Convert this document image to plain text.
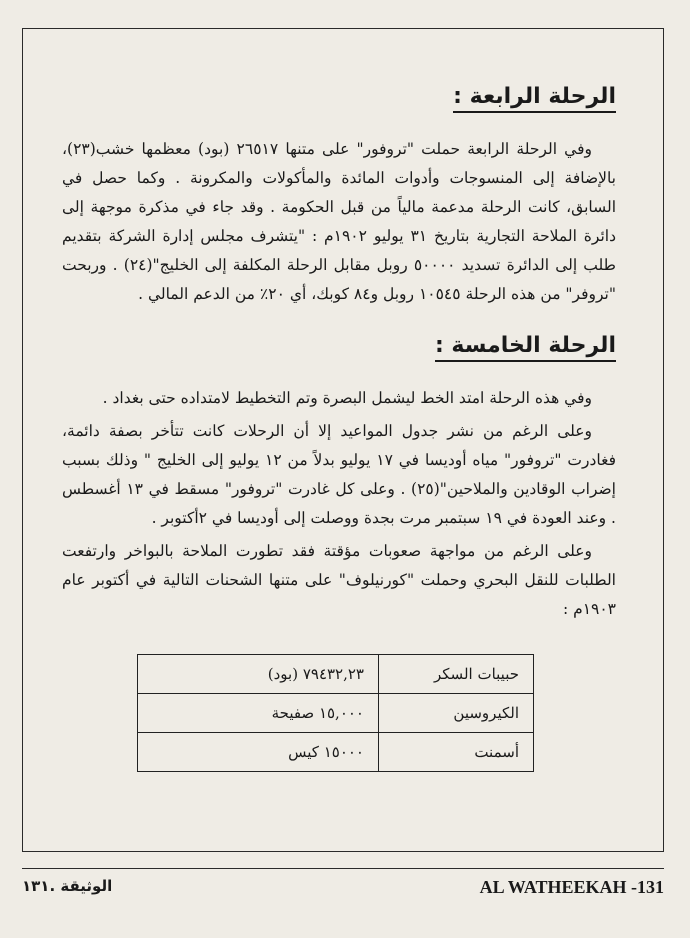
الرحلة الرابعة :

وفي الرحلة الرابعة حملت "تروفور" على متنها ٢٦٥١٧ (بود) معظمها خشب(٢٣)، بالإضافة إلى المنسوجات وأدوات المائدة والمأكولات والمكرونة . وكما حصل في السابق، كانت الرحلة مدعمة مالياً من قبل الحكومة . وقد جاء في مذكرة موجهة إلى دائرة الملاحة التجارية بتاريخ ٣١ يوليو ١٩٠٢م : "يتشرف مجلس إدارة الشركة بتقديم طلب إلى الدائرة تسديد ٥٠٠٠٠ روبل مقابل الرحلة المكلفة إلى الخليج"(٢٤) . وربحت "تروفر" من هذه الرحلة ١٠٥٤٥ روبل و٨٤ كوبك، أي ٢٠٪ من الدعم المالي .

الرحلة الخامسة :

وفي هذه الرحلة امتد الخط ليشمل البصرة وتم التخطيط لامتداده حتى بغداد .

وعلى الرغم من نشر جدول المواعيد إلا أن الرحلات كانت تتأخر بصفة دائمة، فغادرت "تروفور" مياه أوديسا في ١٧ يوليو بدلاً من ١٢ يوليو إلى الخليج " وذلك بسبب إضراب الوقادين والملاحين"(٢٥) . وعلى كل غادرت "تروفور" مسقط في ١٣ أغسطس . وعند العودة في ١٩ سبتمبر مرت بجدة ووصلت إلى أوديسا في ٢أكتوبر .

وعلى الرغم من مواجهة صعوبات مؤقتة فقد تطورت الملاحة بالبواخر وارتفعت الطلبات للنقل البحري وحملت "كورنيلوف" على متنها الشحنات التالية في أكتوبر عام ١٩٠٣م :

حبيبات السكر	٧٩٤٣٢,٢٣ (بود)
الكيروسين	١٥,٠٠٠ صفيحة
أسمنت	١٥٠٠٠ كيس
الوثيقة .١٣١	AL WATHEEKAH -131
